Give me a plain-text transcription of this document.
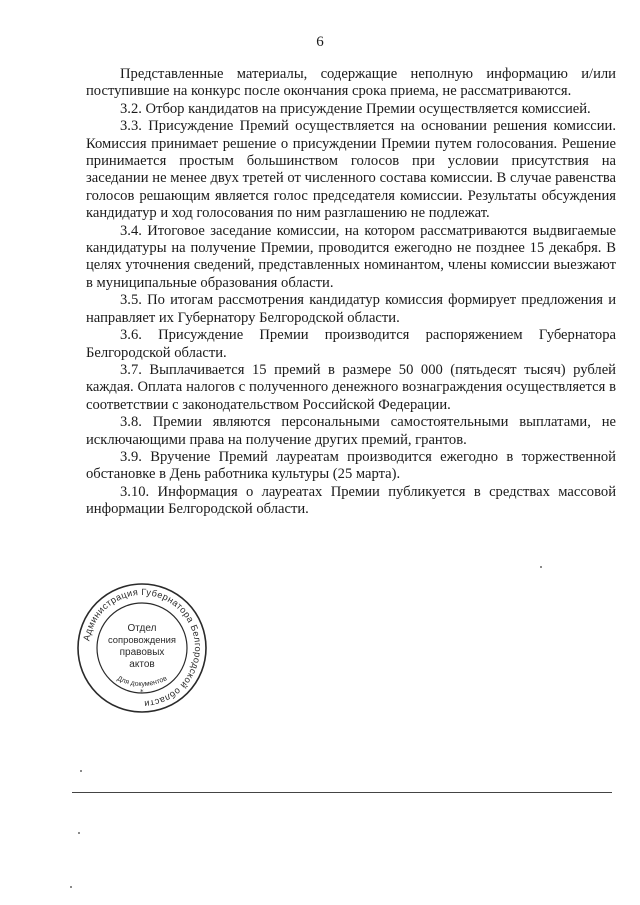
6

Представленные материалы, содержащие неполную информацию и/или поступившие на конкурс после окончания срока приема, не рассматриваются.

3.2. Отбор кандидатов на присуждение Премии осуществляется комиссией.

3.3. Присуждение Премий осуществляется на основании решения комиссии. Комиссия принимает решение о присуждении Премии путем голосования. Решение принимается простым большинством голосов при условии присутствия на заседании не менее двух третей от численного состава комиссии. В случае равенства голосов решающим является голос председателя комиссии. Результаты обсуждения кандидатур и ход голосования по ним разглашению не подлежат.

3.4. Итоговое заседание комиссии, на котором рассматриваются выдвигаемые кандидатуры на получение Премии, проводится ежегодно не позднее 15 декабря. В целях уточнения сведений, представленных номинантом, члены комиссии выезжают в муниципальные образования области.

3.5. По итогам рассмотрения кандидатур комиссия формирует предложения и направляет их Губернатору Белгородской области.

3.6. Присуждение Премии производится распоряжением Губернатора Белгородской области.

3.7. Выплачивается 15 премий в размере 50 000 (пятьдесят тысяч) рублей каждая. Оплата налогов с полученного денежного вознаграждения осуществляется в соответствии с законодательством Российской Федерации.

3.8. Премии являются персональными самостоятельными выплатами, не исключающими права на получение других премий, грантов.

3.9. Вручение Премий лауреатам производится ежегодно в торжественной обстановке в День работника культуры (25 марта).

3.10. Информация о лауреатах Премии публикуется в средствах массовой информации Белгородской области.

Администрация Губернатора Белгородской области
Отдел
сопровождения
правовых
актов
Для документов
*
